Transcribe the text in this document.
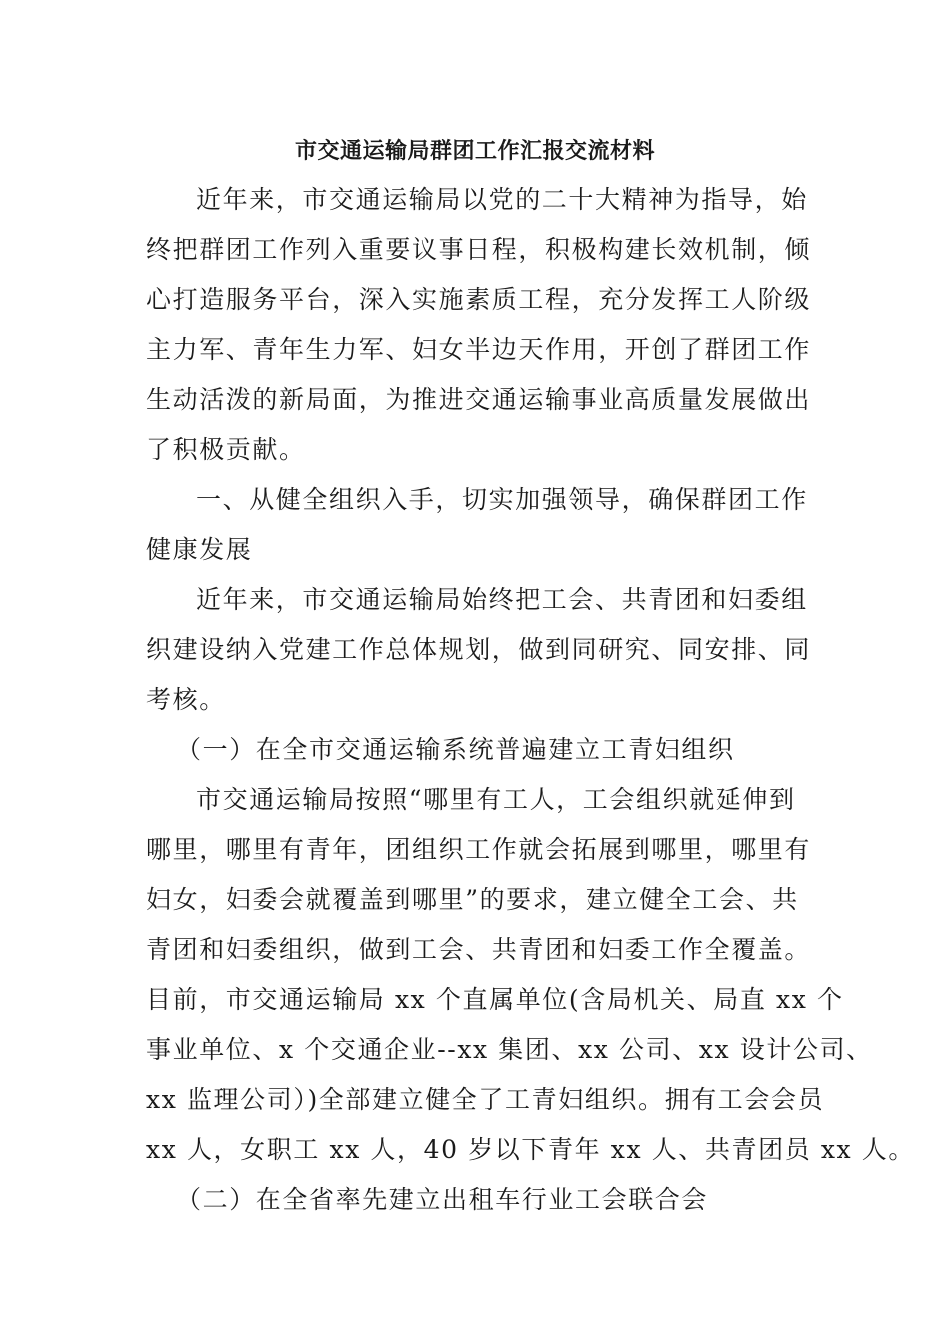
市交通运输局群团工作汇报交流材料

近年来，市交通运输局以党的二十大精神为指导，始

终把群团工作列入重要议事日程，积极构建长效机制，倾

心打造服务平台，深入实施素质工程，充分发挥工人阶级

主力军、青年生力军、妇女半边天作用，开创了群团工作

生动活泼的新局面，为推进交通运输事业高质量发展做出

了积极贡献。

一、从健全组织入手，切实加强领导，确保群团工作

健康发展

近年来，市交通运输局始终把工会、共青团和妇委组

织建设纳入党建工作总体规划，做到同研究、同安排、同

考核。

（一）在全市交通运输系统普遍建立工青妇组织

市交通运输局按照“哪里有工人，工会组织就延伸到

哪里，哪里有青年，团组织工作就会拓展到哪里，哪里有

妇女，妇委会就覆盖到哪里”的要求，建立健全工会、共

青团和妇委组织，做到工会、共青团和妇委工作全覆盖。

目前，市交通运输局 xx 个直属单位(含局机关、局直 xx 个

事业单位、x 个交通企业--xx 集团、xx 公司、xx 设计公司、

xx 监理公司）)全部建立健全了工青妇组织。拥有工会会员

xx 人，女职工 xx 人，40 岁以下青年 xx 人、共青团员 xx 人。

（二）在全省率先建立出租车行业工会联合会
